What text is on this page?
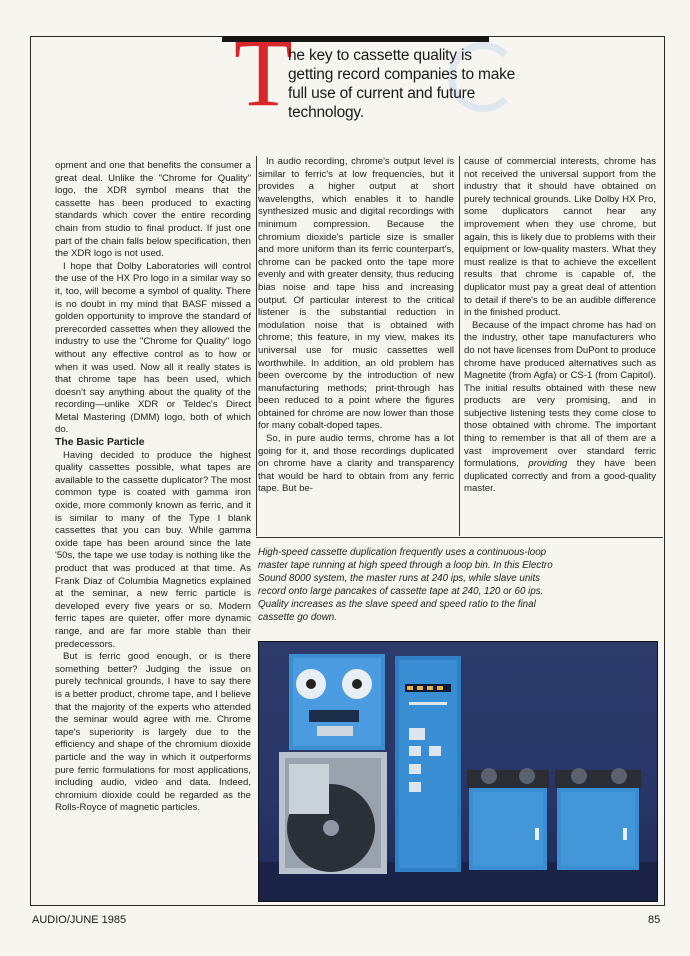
T
he key to cassette quality is getting record companies to make full use of current and future technology.

opment and one that benefits the consumer a great deal. Unlike the "Chrome for Quality" logo, the XDR symbol means that the cassette has been produced to exacting standards which cover the entire recording chain from studio to final product. If just one part of the chain falls below specification, then the XDR logo is not used.

I hope that Dolby Laboratories will control the use of the HX Pro logo in a similar way so it, too, will become a symbol of quality. There is no doubt in my mind that BASF missed a golden opportunity to improve the standard of prerecorded cassettes when they allowed the industry to use the "Chrome for Quality" logo without any effective control as to how or when it was used. Now all it really states is that chrome tape has been used, which doesn't say anything about the quality of the recording—unlike XDR or Teldec's Direct Metal Mastering (DMM) logo, both of which do.

The Basic Particle

Having decided to produce the highest quality cassettes possible, what tapes are available to the cassette duplicator? The most common type is coated with gamma iron oxide, more commonly known as ferric, and it is similar to many of the Type I blank cassettes that you can buy. While gamma oxide tape has been around since the late '50s, the tape we use today is nothing like the product that was produced at that time. As Frank Diaz of Columbia Magnetics explained at the seminar, a new ferric particle is developed every five years or so. Modern ferric tapes are quieter, offer more dynamic range, and are far more stable than their predecessors.

But is ferric good enough, or is there something better? Judging the issue on purely technical grounds, I have to say there is a better product, chrome tape, and I believe that the majority of the experts who attended the seminar would agree with me. Chrome tape's superiority is largely due to the efficiency and shape of the chromium dioxide particle and the way in which it outperforms pure ferric formulations for most applications, including audio, video and data. Indeed, chromium dioxide could be regarded as the Rolls-Royce of magnetic particles.

In audio recording, chrome's output level is similar to ferric's at low frequencies, but it provides a higher output at short wavelengths, which enables it to handle synthesized music and digital recordings with minimum compression. Because the chromium dioxide's particle size is smaller and more uniform than its ferric counterpart's, chrome can be packed onto the tape more evenly and with greater density, thus reducing bias noise and tape hiss and increasing output. Of particular interest to the critical listener is the substantial reduction in modulation noise that is obtained with chrome; this feature, in my view, makes its universal use for music cassettes well worthwhile. In addition, an old problem has been overcome by the introduction of new manufacturing methods; print-through has been reduced to a point where the figures obtained for chrome are now lower than those for many cobalt-doped tapes.

So, in pure audio terms, chrome has a lot going for it, and those recordings duplicated on chrome have a clarity and transparency that would be hard to obtain from any ferric tape. But be-

cause of commercial interests, chrome has not received the universal support from the industry that it should have obtained on purely technical grounds. Like Dolby HX Pro, some duplicators cannot hear any improvement when they use chrome, but again, this is likely due to problems with their equipment or low-quality masters. What they must realize is that to achieve the excellent results that chrome is capable of, the duplicator must pay a great deal of attention to detail if there's to be an audible difference in the finished product.

Because of the impact chrome has had on the industry, other tape manufacturers who do not have licenses from DuPont to produce chrome have produced alternatives such as Magnetite (from Agfa) or CS-1 (from Capitol). The initial results obtained with these new products are very promising, and in subjective listening tests they come close to those obtained with chrome. The important thing to remember is that all of them are a vast improvement over standard ferric formulations, providing they have been duplicated correctly and from a good-quality master.

High-speed cassette duplication frequently uses a continuous-loop master tape running at high speed through a loop bin. In this Electro Sound 8000 system, the master runs at 240 ips, while slave units record onto large pancakes of cassette tape at 240, 120 or 60 ips. Quality increases as the slave speed and speed ratio to the final cassette go down.
AUDIO/JUNE 1985	85
